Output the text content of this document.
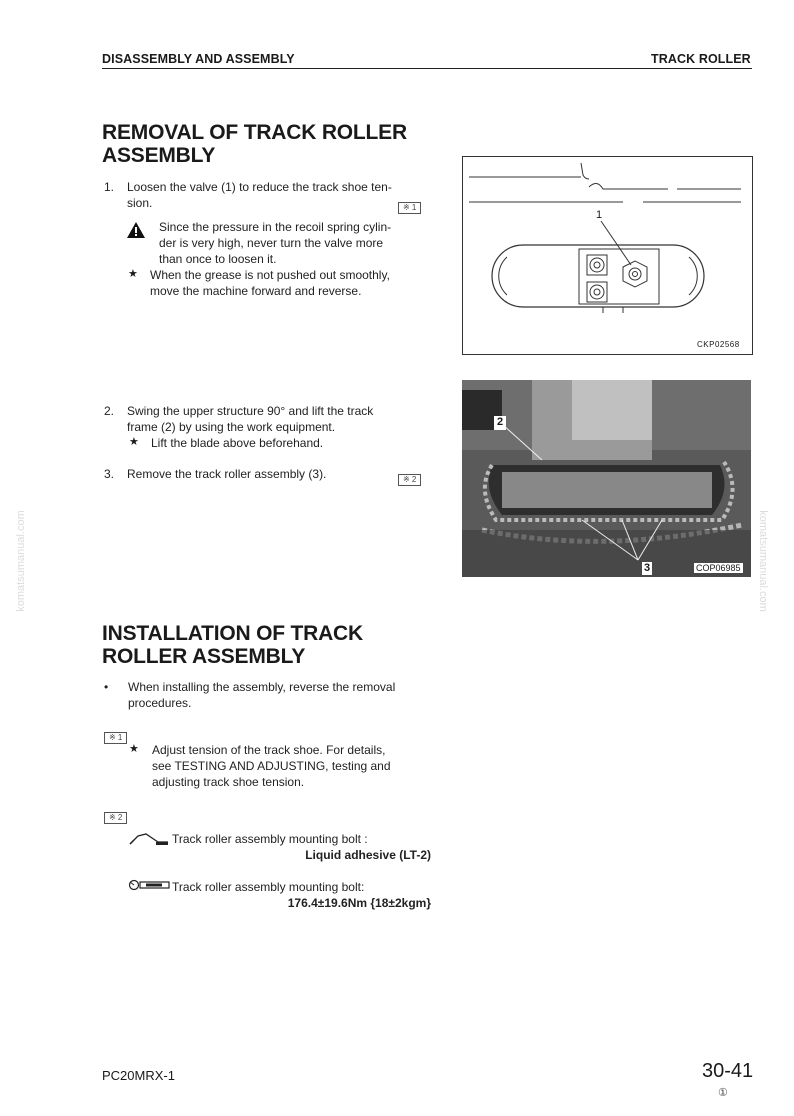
DISASSEMBLY AND ASSEMBLY	TRACK ROLLER
REMOVAL OF TRACK ROLLER
ASSEMBLY
1. Loosen the valve (1) to reduce the track shoe ten-
sion.	※ 1
Since the pressure in the recoil spring cylin-
der is very high, never turn the valve more
than once to loosen it.
★ When the grease is not pushed out smoothly,
move the machine forward and reverse.
1
CKP02568
2. Swing the upper structure 90° and lift the track
frame (2) by using the work equipment.
★ Lift the blade above beforehand.
3. Remove the track roller assembly (3).	※ 2
2
3	COP06985
INSTALLATION OF TRACK
ROLLER ASSEMBLY
• When installing the assembly, reverse the removal
procedures.
※ 1
★ Adjust tension of the track shoe. For details,
see TESTING AND ADJUSTING, testing and
adjusting track shoe tension.
※ 2
Track roller assembly mounting bolt :
Liquid adhesive (LT-2)
Track roller assembly mounting bolt:
176.4±19.6Nm {18±2kgm}
komatsumanual.com	komatsumanual.com
PC20MRX-1	30-41
①
